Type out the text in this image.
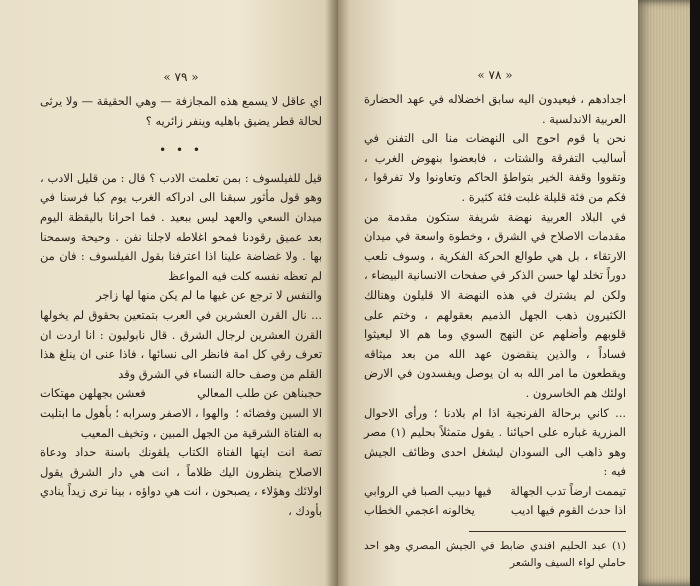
« ٧٩ »

اي عاقل لا يسمع هذه المجازفة — وهي الحقيقة — ولا يرثى لحالة قطر يضيق باهليه وينفر زائريه ؟

• • •

قيل للفيلسوف : بمن تعلمت الادب ؟ قال : من قليل الادب ، وهو قول مأثور سبقنا الى ادراكه الغرب يوم كبا فرسنا في ميدان السعي والعهد ليس ببعيد . فما احرانا باليقظة اليوم بعد عميق رقودنا فمحو اغلاطه لاجلنا نفن . وحيحة وسمحنا بها . ولا غضاضة علينا اذا اعترفنا بقول الفيلسوف : فان من لم تعظه نفسه كلت فيه المواعظ

والنفس لا ترجع عن غيها ما لم يكن منها لها زاجر

... نال القرن العشرين في العرب بتمتعين بحقوق لم يخولها القرن العشرين لرجال الشرق . قال نابوليون : انا اردت ان تعرف رقي كل امة فانظر الى نسائها ، فاذا عنى ان ينلغ هذا القلم من وصف حالة النساء في الشرق وقد

حجبناهن عن طلب المعالي
فعشن بجهلهن مهتكات
الا السين وفضائه ؛
والهوا ، الاصفر وسرابه ؛ بأهول ما ابتليت

به الفتاة الشرقية من الجهل المبين ، وتخيف المعيب

تصة انت ايتها الفتاة الكتاب يلقونك باسنة حداد ودعاة الاصلاح ينظرون اليك ظلاماً ، انت هي دار الشرق يقول اولائك وهؤلاء ، يصبحون ، انت هي دواؤه ، بينا نرى زيداً ينادي بأودك ،

« ٧٨ »

اجدادهم ، فيعيدون اليه سابق اخضلاله في عهد الحضارة العربية الاندلسية .

نحن يا قوم احوج الى النهضات منا الى التفنن في أساليب التفرقة والشتات ، فابعضوا بنهوض الغرب ، وتقووا وقفة الخير بتواطؤ الحاكم وتعاونوا ولا تفرقوا ، فكم من فئة قليلة غلبت فئة كثيرة .

في البلاد العربية نهضة شريفة ستكون مقدمة من مقدمات الاصلاح في الشرق ، وخطوة واسعة في ميدان الارتقاء ، بل هي طوالع الحركة الفكرية ، وسوف تلعب دوراً تخلد لها حسن الذكر في صفحات الانسانية البيضاء ، ولكن لم يشترك في هذه النهضة الا قليلون وهنالك الكثيرون ذهب الجهل الذميم بعقولهم ، وختم على قلوبهم وأضلهم عن النهج السوي وما هم الا ليعيثوا فساداً ، والذين ينقضون عهد الله من بعد ميثاقه ويقطعون ما امر الله به ان يوصل ويفسدون في الارض اولئك هم الخاسرون .

... كاني برحالة الفرنجية اذا ام بلادنا ؛ ورأى الاحوال المزرية غباره على احيائنا . يقول متمثلاً بحليم (١) مصر وهو ذاهب الى السودان ليشغل احدى وظائف الجيش فيه :

تيممت ارضاً تدب الجهالة
فيها دبيب الصبا في الروابي
اذا حدث القوم فيها اديب
يخالونه اعجمي الخطاب
(١) عبد الحليم افندي ضابط في الجيش المصري وهو احد حاملي لواء السيف والشعر
